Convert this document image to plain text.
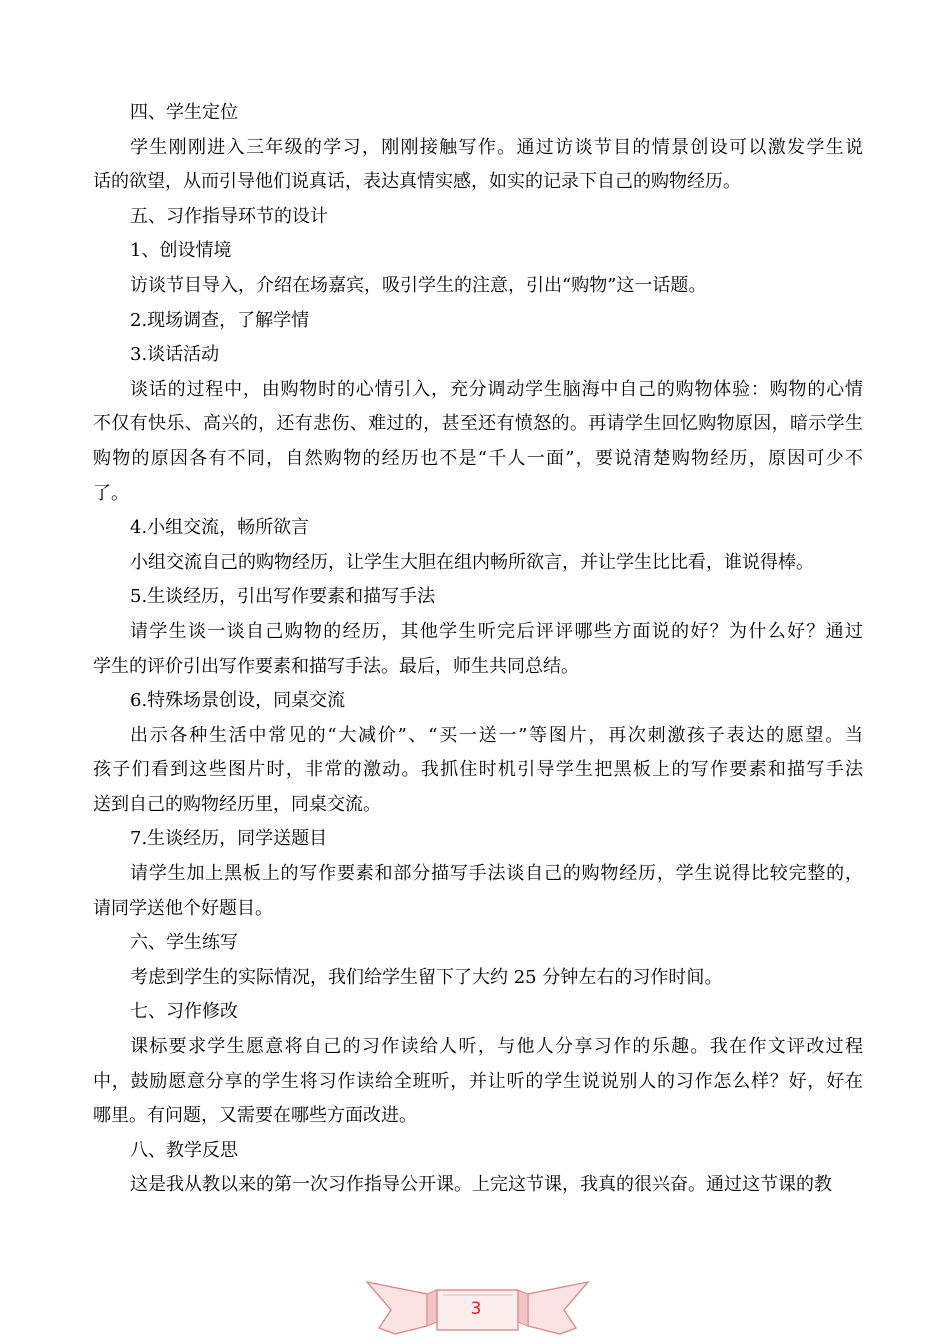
四、学生定位
学生刚刚进入三年级的学习，刚刚接触写作。通过访谈节目的情景创设可以激发学生说
话的欲望，从而引导他们说真话，表达真情实感，如实的记录下自己的购物经历。
五、习作指导环节的设计
1、创设情境
访谈节目导入，介绍在场嘉宾，吸引学生的注意，引出“购物”这一话题。
2.现场调查，了解学情
3.谈话活动
谈话的过程中，由购物时的心情引入，充分调动学生脑海中自己的购物体验：购物的心情
不仅有快乐、高兴的，还有悲伤、难过的，甚至还有愤怒的。再请学生回忆购物原因，暗示学生
购物的原因各有不同，自然购物的经历也不是“千人一面”，要说清楚购物经历，原因可少不
了。
4.小组交流，畅所欲言
小组交流自己的购物经历，让学生大胆在组内畅所欲言，并让学生比比看，谁说得棒。
5.生谈经历，引出写作要素和描写手法
请学生谈一谈自己购物的经历，其他学生听完后评评哪些方面说的好？为什么好？通过
学生的评价引出写作要素和描写手法。最后，师生共同总结。
6.特殊场景创设，同桌交流
出示各种生活中常见的“大减价”、“买一送一”等图片，再次刺激孩子表达的愿望。当
孩子们看到这些图片时，非常的激动。我抓住时机引导学生把黑板上的写作要素和描写手法
送到自己的购物经历里，同桌交流。
7.生谈经历，同学送题目
请学生加上黑板上的写作要素和部分描写手法谈自己的购物经历，学生说得比较完整的，
请同学送他个好题目。
六、学生练写
考虑到学生的实际情况，我们给学生留下了大约 25 分钟左右的习作时间。
七、习作修改
课标要求学生愿意将自己的习作读给人听，与他人分享习作的乐趣。我在作文评改过程
中，鼓励愿意分享的学生将习作读给全班听，并让听的学生说说别人的习作怎么样？好，好在
哪里。有问题，又需要在哪些方面改进。
八、教学反思
这是我从教以来的第一次习作指导公开课。上完这节课，我真的很兴奋。通过这节课的教
3
